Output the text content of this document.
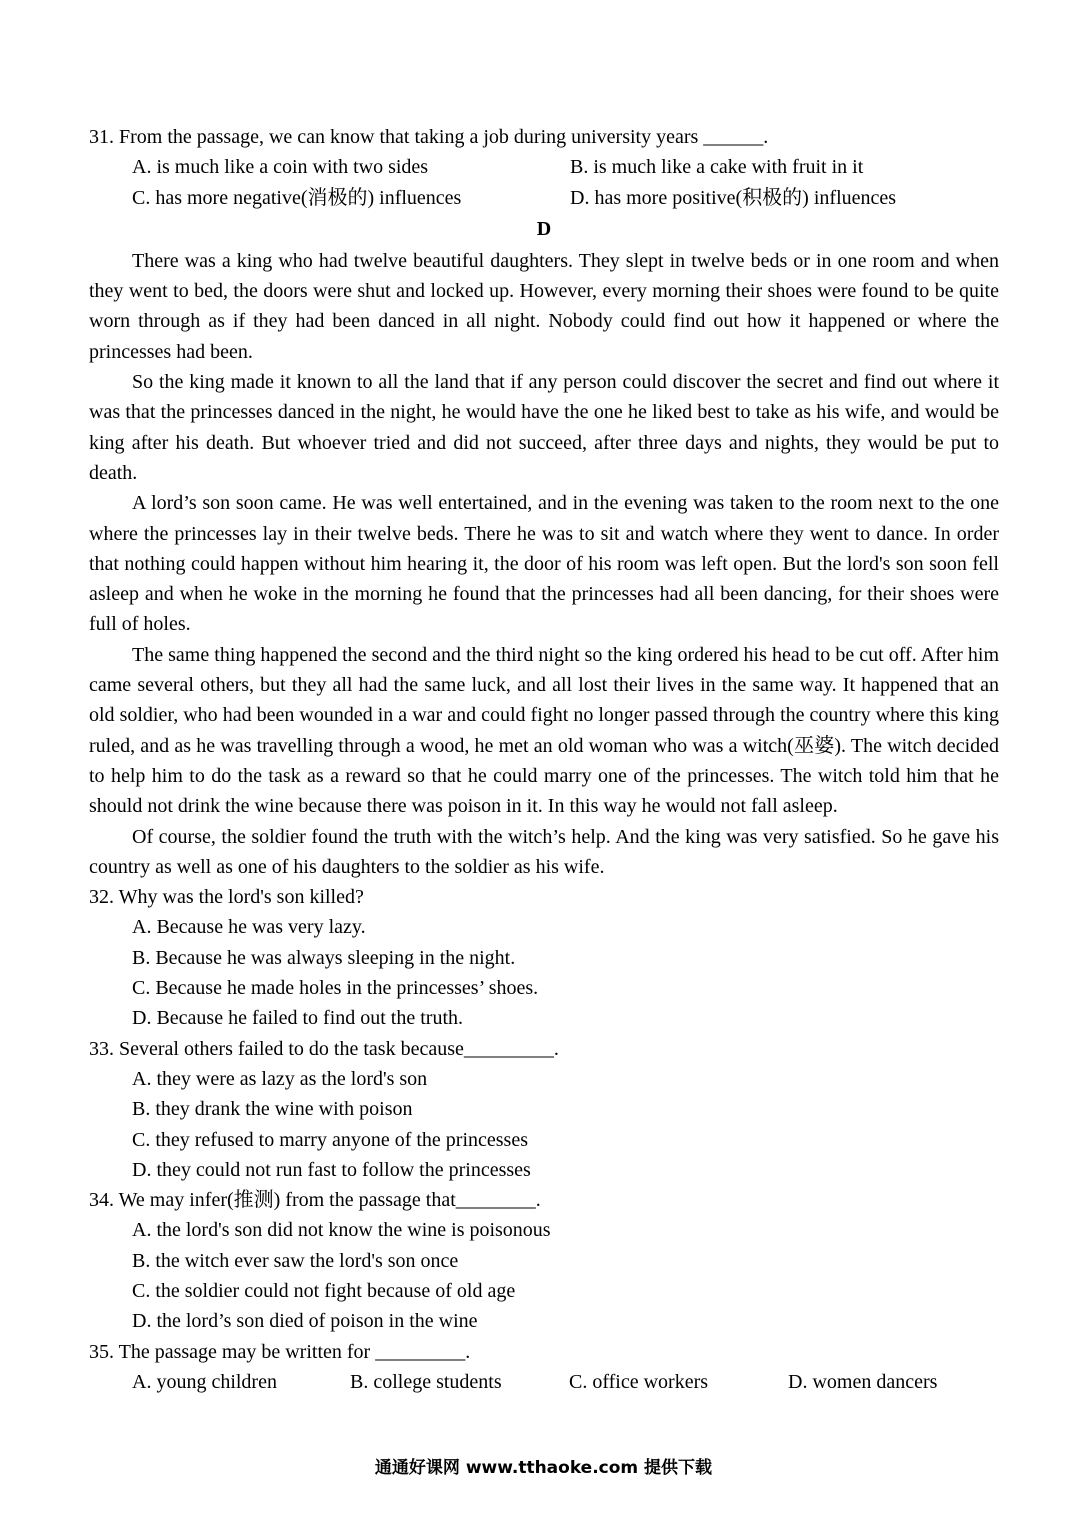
31. From the passage, we can know that taking a job during university years ______.
A. is much like a coin with two sides	B. is much like a cake with fruit in it
C. has more negative(消极的) influences	D. has more positive(积极的) influences
D

There was a king who had twelve beautiful daughters. They slept in twelve beds or in one room and when they went to bed, the doors were shut and locked up. However, every morning their shoes were found to be quite worn through as if they had been danced in all night. Nobody could find out how it happened or where the princesses had been.

So the king made it known to all the land that if any person could discover the secret and find out where it was that the princesses danced in the night, he would have the one he liked best to take as his wife, and would be king after his death. But whoever tried and did not succeed, after three days and nights, they would be put to death.

A lord’s son soon came. He was well entertained, and in the evening was taken to the room next to the one where the princesses lay in their twelve beds. There he was to sit and watch where they went to dance. In order that nothing could happen without him hearing it, the door of his room was left open. But the lord's son soon fell asleep and when he woke in the morning he found that the princesses had all been dancing, for their shoes were full of holes.

The same thing happened the second and the third night so the king ordered his head to be cut off. After him came several others, but they all had the same luck, and all lost their lives in the same way. It happened that an old soldier, who had been wounded in a war and could fight no longer passed through the country where this king ruled, and as he was travelling through a wood, he met an old woman who was a witch(巫婆). The witch decided to help him to do the task as a reward so that he could marry one of the princesses. The witch told him that he should not drink the wine because there was poison in it. In this way he would not fall asleep.

Of course, the soldier found the truth with the witch’s help. And the king was very satisfied. So he gave his country as well as one of his daughters to the soldier as his wife.

32. Why was the lord's son killed?
A. Because he was very lazy.
B. Because he was always sleeping in the night.
C. Because he made holes in the princesses’ shoes.
D. Because he failed to find out the truth.
33. Several others failed to do the task because_________.
A. they were as lazy as the lord's son
B. they drank the wine with poison
C. they refused to marry anyone of the princesses
D. they could not run fast to follow the princesses
34. We may infer(推测) from the passage that________.
A. the lord's son did not know the wine is poisonous
B. the witch ever saw the lord's son once
C. the soldier could not fight because of old age
D. the lord’s son died of poison in the wine
35. The passage may be written for _________.
A. young children	B. college students	C. office workers	D. women dancers
通通好课网 www.tthaoke.com 提供下载
